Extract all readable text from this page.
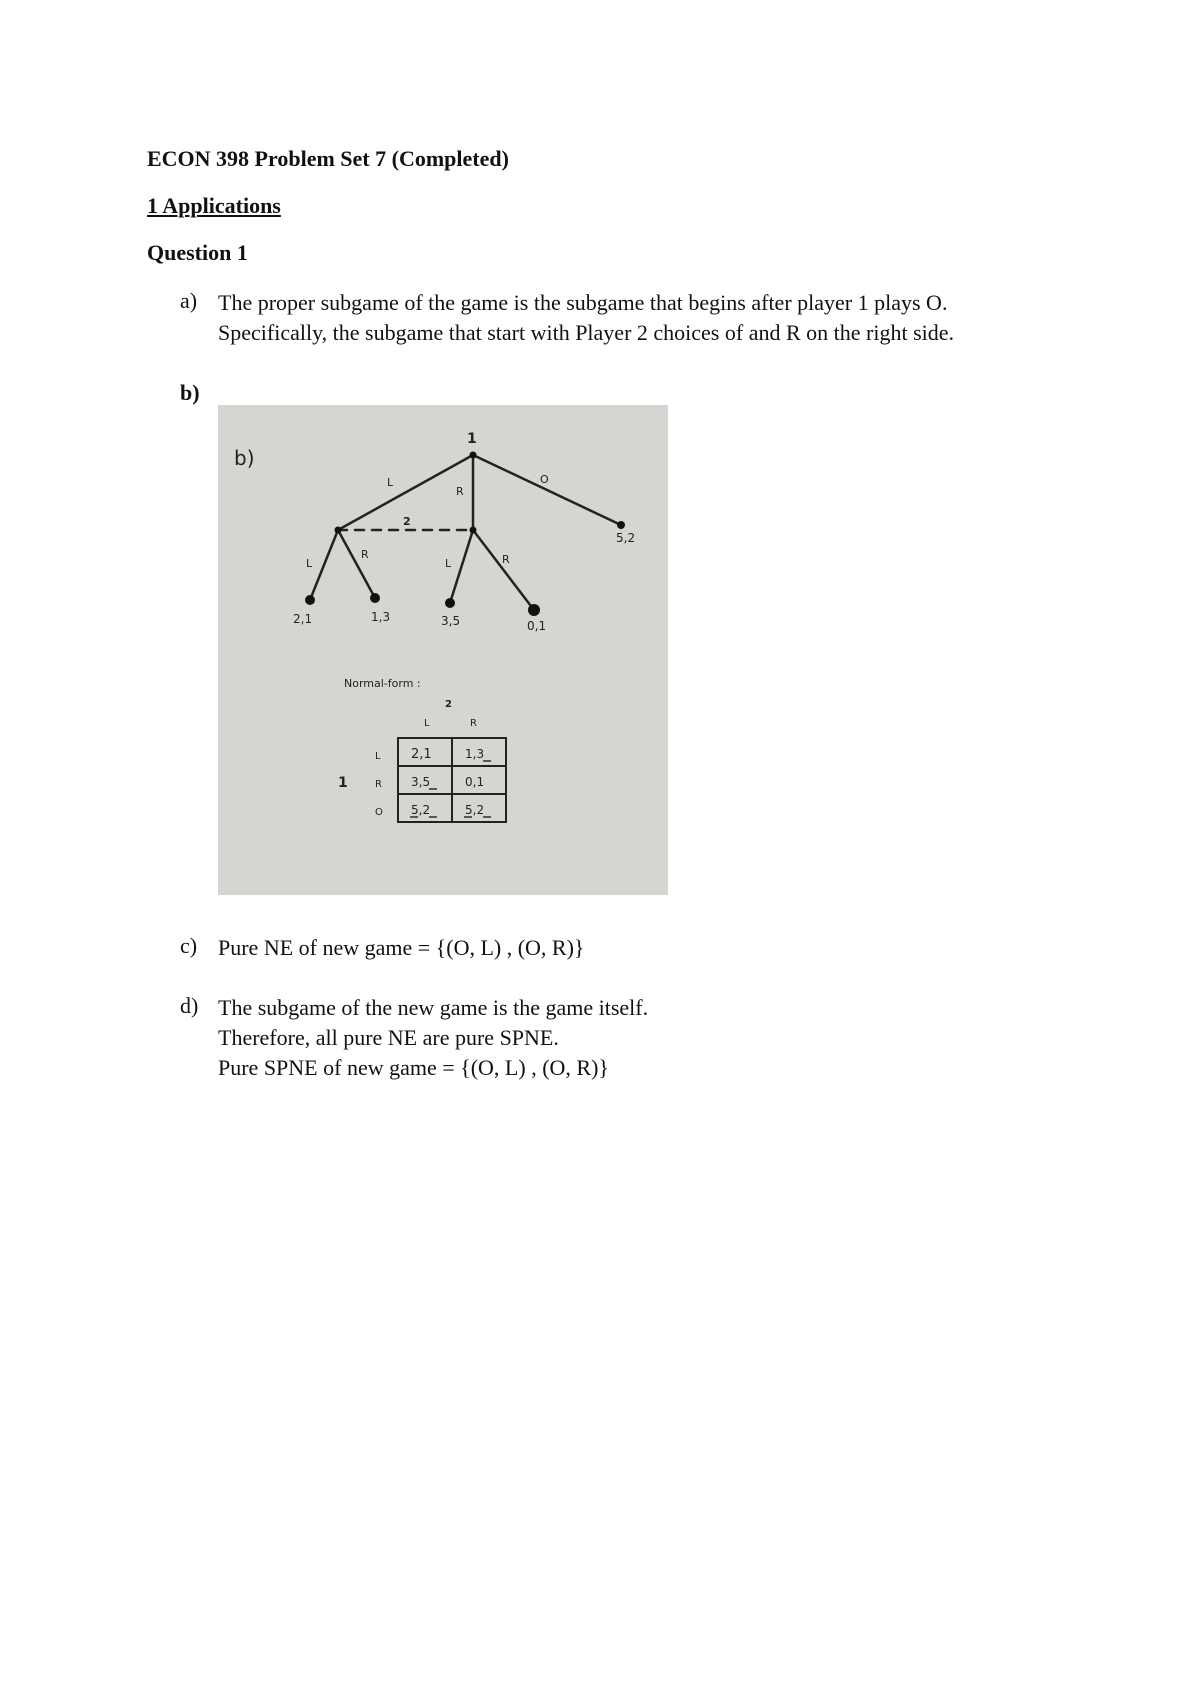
ECON 398 Problem Set 7 (Completed)
1 Applications
Question 1
a) The proper subgame of the game is the subgame that begins after player 1 plays O.
Specifically, the subgame that start with Player 2 choices of and R on the right side.
b)
b)
1
L
R
O
2
L
R
L	R
5,2
2,1	1,3	3,5	0,1
Normal-form :
2
L	R
1
L
R
O
2,1	1,3
3,5	0,1
5,2	5,2
c) Pure NE of new game = {(O, L) , (O, R)}
d) The subgame of the new game is the game itself.
Therefore, all pure NE are pure SPNE.
Pure SPNE of new game = {(O, L) , (O, R)}
